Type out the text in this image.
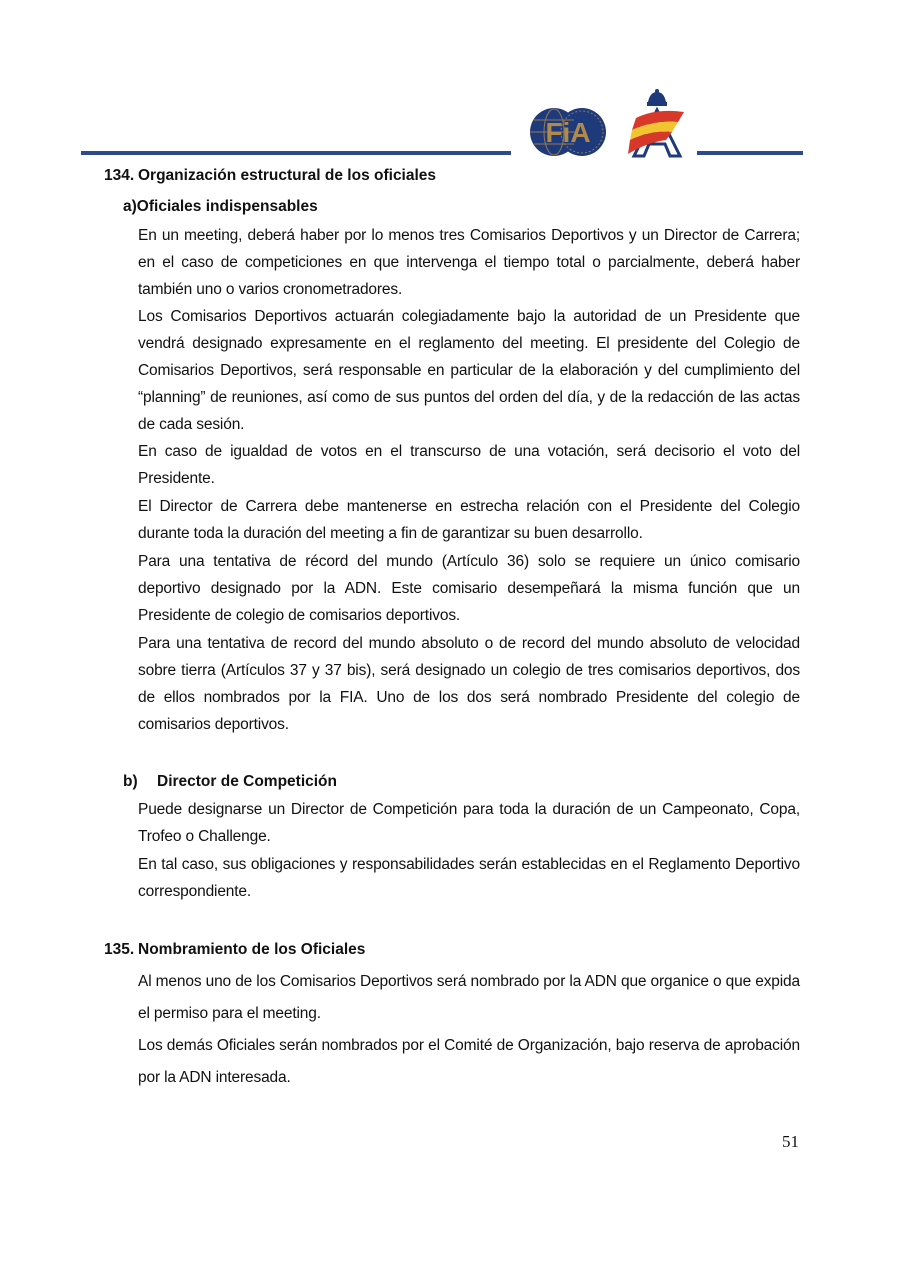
FiA
134. Organización estructural de los oficiales
a)Oficiales indispensables

En un meeting, deberá haber por lo menos tres Comisarios Deportivos y un Director de Carrera; en el caso de competiciones en que intervenga el tiempo total o parcialmente, deberá haber también uno o varios cronometradores.

Los Comisarios Deportivos actuarán colegiadamente bajo la autoridad de un Presidente que vendrá designado expresamente en el reglamento del meeting. El presidente del Colegio de Comisarios Deportivos, será responsable en particular de la elaboración y del cumplimiento del “planning” de reuniones, así como de sus puntos del orden del día, y de la redacción de las actas de cada sesión.

En caso de igualdad de votos en el transcurso de una votación, será decisorio el voto del Presidente.

El Director de Carrera debe mantenerse en estrecha relación con el Presidente del Colegio durante toda la duración del meeting a fin de garantizar su buen desarrollo.

Para una tentativa de récord del mundo (Artículo 36) solo se requiere un único comisario deportivo designado por la ADN. Este comisario desempeñará la misma función que un Presidente de colegio de comisarios deportivos.

Para una tentativa de record del mundo absoluto o de record del mundo absoluto de velocidad sobre tierra (Artículos 37 y 37 bis), será designado un colegio de tres comisarios deportivos, dos de ellos nombrados por la FIA. Uno de los dos será nombrado Presidente del colegio de comisarios deportivos.

b) Director de Competición

Puede designarse un Director de Competición para toda la duración de un Campeonato, Copa, Trofeo o Challenge.

En tal caso, sus obligaciones y responsabilidades serán establecidas en el Reglamento Deportivo correspondiente.

135. Nombramiento de los Oficiales

Al menos uno de los Comisarios Deportivos será nombrado por la ADN que organice o que expida el permiso para el meeting.

Los demás Oficiales serán nombrados por el Comité de Organización, bajo reserva de aprobación por la ADN interesada.

51
